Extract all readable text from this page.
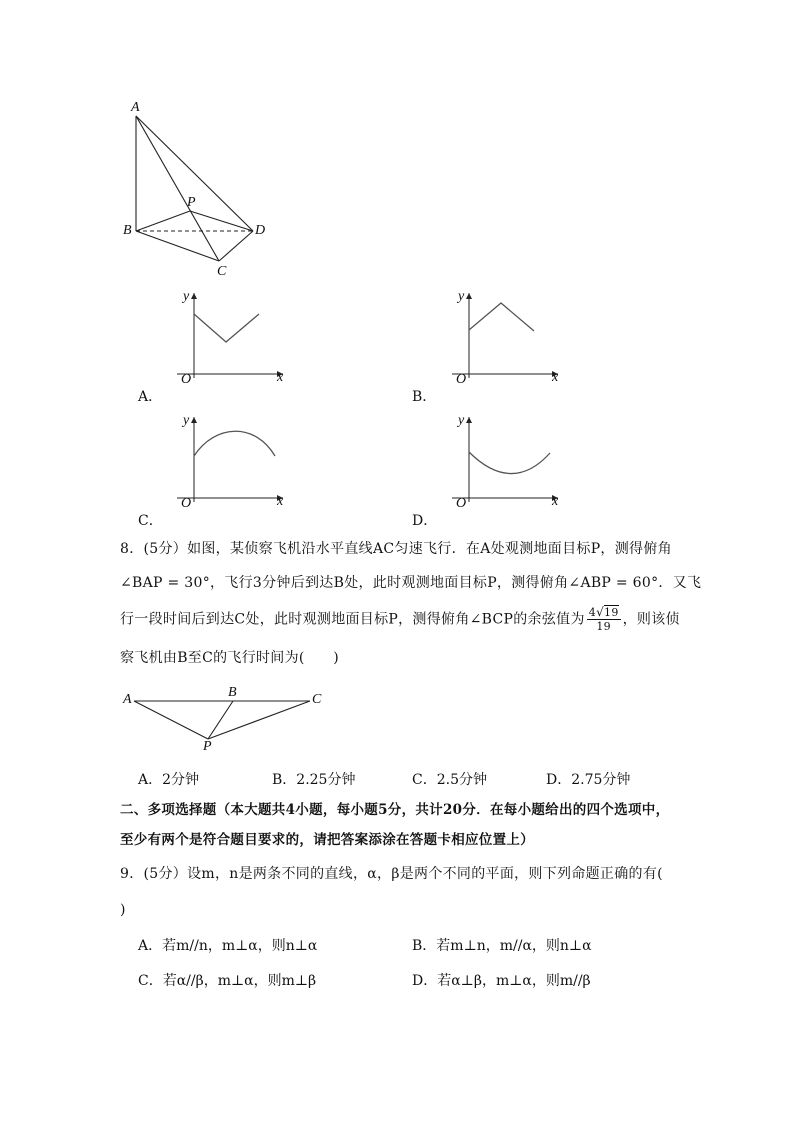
A
B
C
D
P
y
x
O
A．
y
x
O
B．
y
x
O
C．
y
x
O
D．
8．(5分）如图，某侦察飞机沿水平直线AC匀速飞行．在A处观测地面目标P，测得俯角
∠BAP = 30°，飞行3分钟后到达B处，此时观测地面目标P，测得俯角∠ABP = 60°．又飞
行一段时间后到达C处，此时观测地面目标P，测得俯角∠BCP的余弦值为 $\frac{4√19}{19}$ ，则该侦
察飞机由B至C的飞行时间为(　　)
A	B	C
P
A．2分钟	B．2.25分钟	C．2.5分钟	D．2.75分钟
二、多项选择题（本大题共4小题，每小题5分，共计20分．在每小题给出的四个选项中，
至少有两个是符合题目要求的，请把答案添涂在答题卡相应位置上）
9．(5分）设m，n是两条不同的直线，α，β是两个不同的平面，则下列命题正确的有(
)
A．若m//n，m⊥α，则n⊥α	B．若m⊥n，m//α，则n⊥α
C．若α//β，m⊥α，则m⊥β	D．若α⊥β，m⊥α，则m//β
